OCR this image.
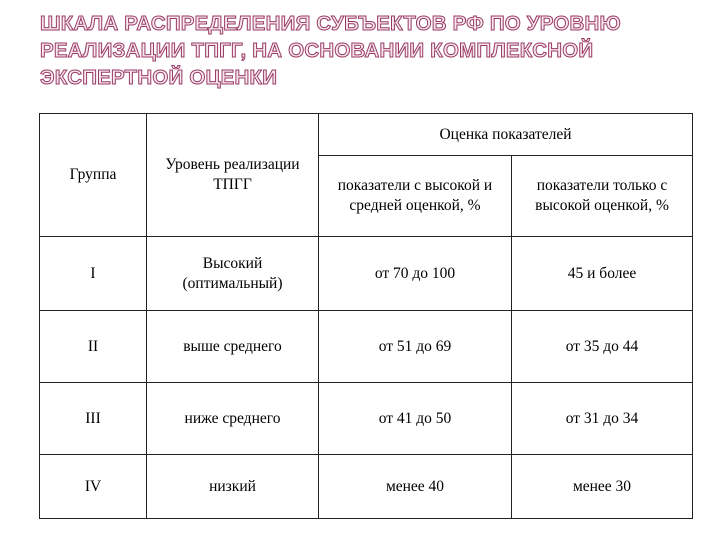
ШКАЛА РАСПРЕДЕЛЕНИЯ СУБЪЕКТОВ РФ ПО УРОВНЮ РЕАЛИЗАЦИИ ТПГГ, НА ОСНОВАНИИ КОМПЛЕКСНОЙ ЭКСПЕРТНОЙ ОЦЕНКИ
Группа	Уровень реализации ТПГГ	Оценка показателей	
		показатели с высокой и средней оценкой, %	показатели только с высокой оценкой, %
I	Высокий (оптимальный)	от 70 до 100	45 и более
II	выше среднего	от 51 до 69	от 35 до 44
III	ниже среднего	от 41 до 50	от 31 до 34
IV	низкий	менее 40	менее 30
